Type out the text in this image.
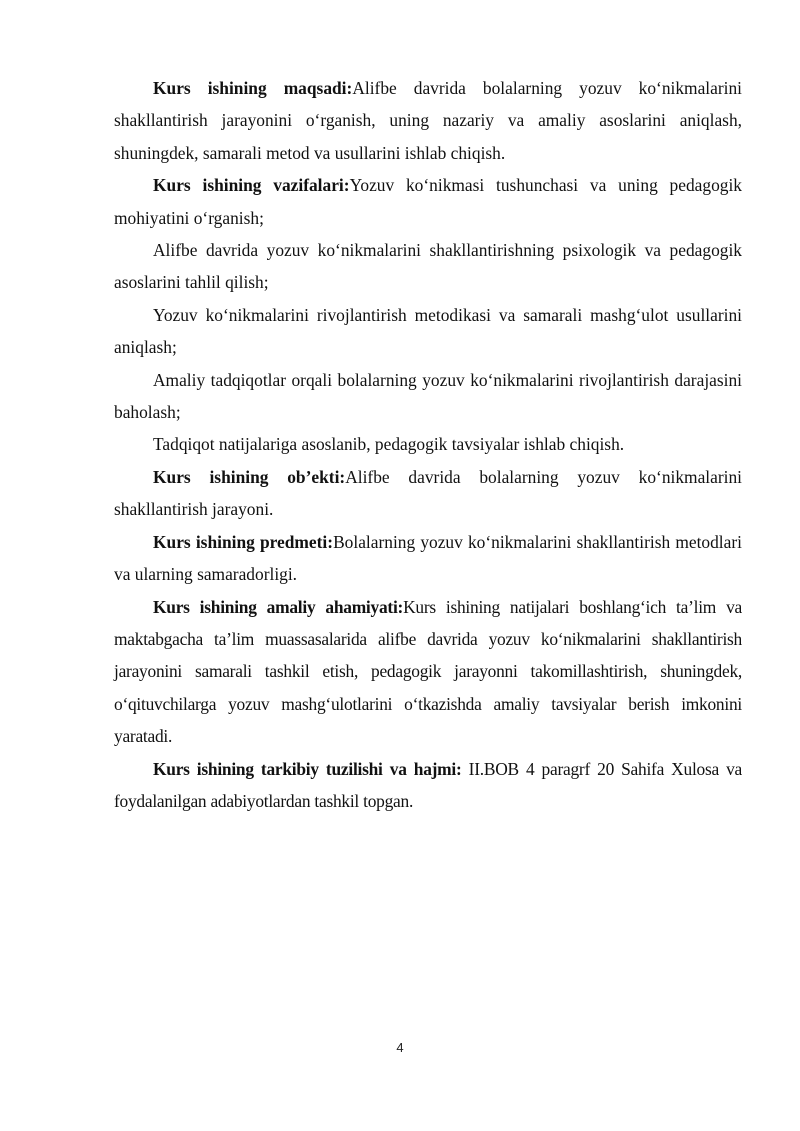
Kurs ishining maqsadi:Alifbe davrida bolalarning yozuv ko‘nikmalarini shakllantirish jarayonini o‘rganish, uning nazariy va amaliy asoslarini aniqlash, shuningdek, samarali metod va usullarini ishlab chiqish.

Kurs ishining vazifalari:Yozuv ko‘nikmasi tushunchasi va uning pedagogik mohiyatini o‘rganish;

Alifbe davrida yozuv ko‘nikmalarini shakllantirishning psixologik va pedagogik asoslarini tahlil qilish;

Yozuv ko‘nikmalarini rivojlantirish metodikasi va samarali mashg‘ulot usullarini aniqlash;

Amaliy tadqiqotlar orqali bolalarning yozuv ko‘nikmalarini rivojlantirish darajasini baholash;

Tadqiqot natijalariga asoslanib, pedagogik tavsiyalar ishlab chiqish.

Kurs ishining ob’ekti:Alifbe davrida bolalarning yozuv ko‘nikmalarini shakllantirish jarayoni.

Kurs ishining predmeti:Bolalarning yozuv ko‘nikmalarini shakllantirish metodlari va ularning samaradorligi.

Kurs ishining amaliy ahamiyati:Kurs ishining natijalari boshlang‘ich ta’lim va maktabgacha ta’lim muassasalarida alifbe davrida yozuv ko‘nikmalarini shakllantirish jarayonini samarali tashkil etish, pedagogik jarayonni takomillashtirish, shuningdek, o‘qituvchilarga yozuv mashg‘ulotlarini o‘tkazishda amaliy tavsiyalar berish imkonini yaratadi.

Kurs ishining tarkibiy tuzilishi va hajmi: II.BOB 4 paragrf 20 Sahifa Xulosa va foydalanilgan adabiyotlardan tashkil topgan.

4
